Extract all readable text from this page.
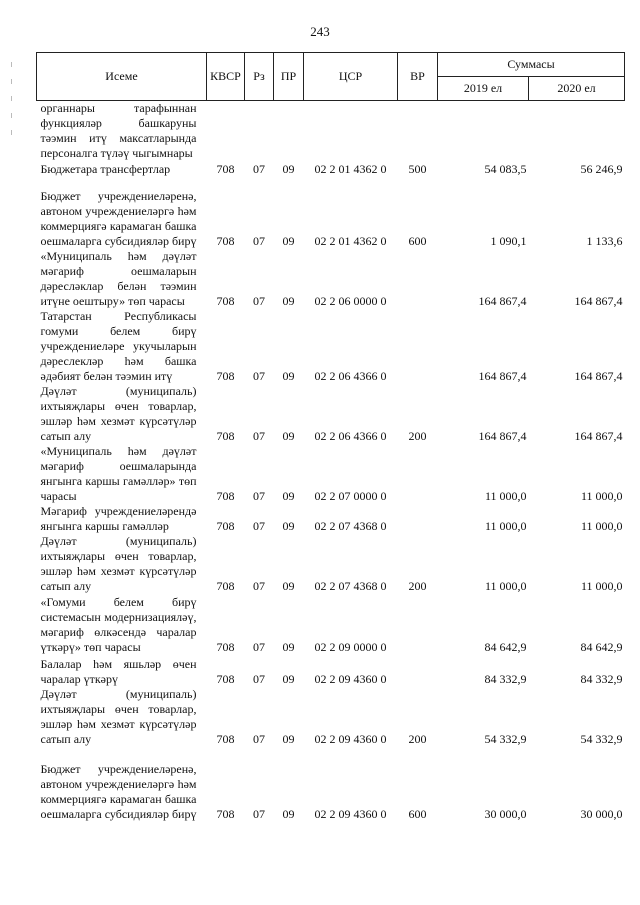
243
Исеме	КВСР	Рз	ПР	ЦСР	ВР	Суммасы	
						2019 ел	2020 ел
органнары тарафыннан функцияләр башкаруны тәэмин итү максатларында персоналга түләү чыгымнары							
Бюджетара трансфертлар	708	07	09	02 2 01 4362 0	500	54 083,5	56 246,9
Бюджет учреждениеләренә, автоном учреждениеләргә һәм коммерциягә карамаган башка оешмаларга субсидияләр бирү	708	07	09	02 2 01 4362 0	600	1 090,1	1 133,6
«Муниципаль һәм дәүләт мәгариф оешмаларын дәресләклар белән тәэмин итүне оештыру» төп чарасы	708	07	09	02 2 06 0000 0		164 867,4	164 867,4
Татарстан Республикасы гомуми белем бирү учреждениеләре укучыларын дәреслекләр һәм башка әдәбият белән тәэмин итү	708	07	09	02 2 06 4366 0		164 867,4	164 867,4
Дәүләт (муниципаль) ихтыяҗлары өчен товарлар, эшләр һәм хезмәт күрсәтүләр сатып алу	708	07	09	02 2 06 4366 0	200	164 867,4	164 867,4
«Муниципаль һәм дәүләт мәгариф оешмаларында янгынга каршы гамәлләр» төп чарасы	708	07	09	02 2 07 0000 0		11 000,0	11 000,0
Мәгариф учреждениеләрендә янгынга каршы гамәлләр	708	07	09	02 2 07 4368 0		11 000,0	11 000,0
Дәүләт (муниципаль) ихтыяҗлары өчен товарлар, эшләр һәм хезмәт күрсәтүләр сатып алу	708	07	09	02 2 07 4368 0	200	11 000,0	11 000,0
«Гомуми белем бирү системасын модернизацияләү, мәгариф өлкәсендә чаралар үткәрү» төп чарасы	708	07	09	02 2 09 0000 0		84 642,9	84 642,9
Балалар һәм яшьләр өчен чаралар үткәрү	708	07	09	02 2 09 4360 0		84 332,9	84 332,9
Дәүләт (муниципаль) ихтыяҗлары өчен товарлар, эшләр һәм хезмәт күрсәтүләр сатып алу	708	07	09	02 2 09 4360 0	200	54 332,9	54 332,9
Бюджет учреждениеләренә, автоном учреждениеләргә һәм коммерциягә карамаган башка оешмаларга субсидияләр бирү	708	07	09	02 2 09 4360 0	600	30 000,0	30 000,0
